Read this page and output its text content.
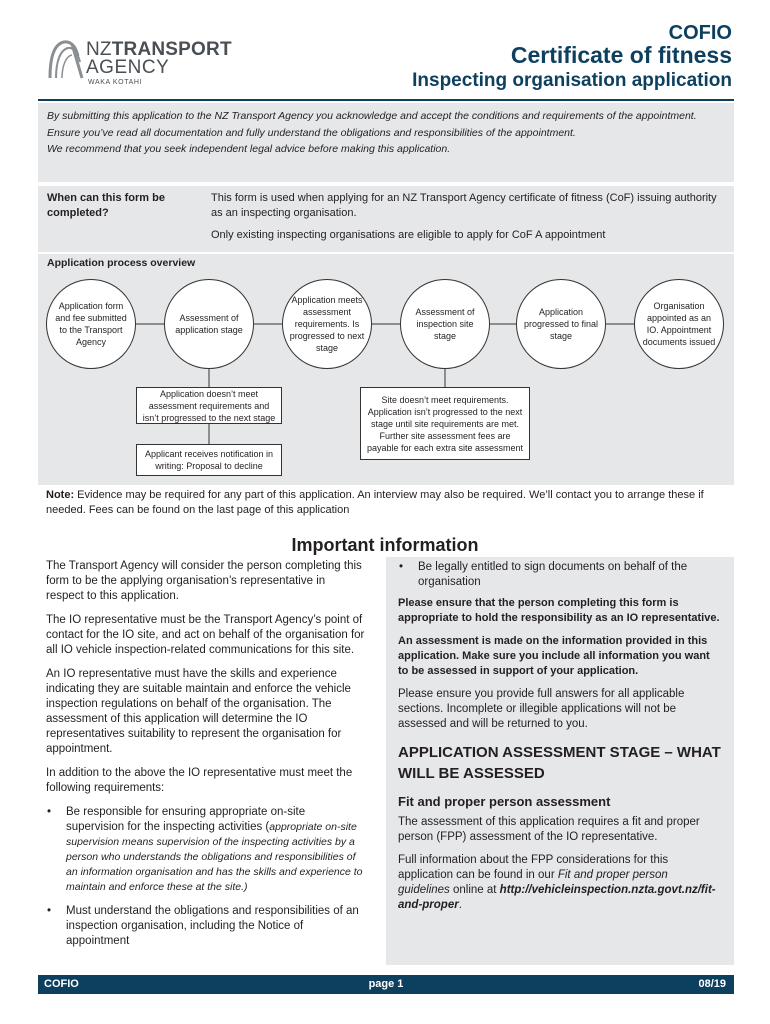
NZTRANSPORT
AGENCY
WAKA KOTAHI
COFIO
Certificate of fitness
Inspecting organisation application
By submitting this application to the NZ Transport Agency you acknowledge and accept the conditions and requirements of the appointment.
Ensure you’ve read all documentation and fully understand the obligations and responsibilities of the appointment.
We recommend that you seek independent legal advice before making this application.
When can this form be completed?
This form is used when applying for an NZ Transport Agency certificate of fitness (CoF) issuing authority as an inspecting organisation.
Only existing inspecting organisations are eligible to apply for CoF A appointment
Application process overview
Application form and fee submitted to the Transport Agency
Assessment of application stage
Application meets assessment requirements. Is progressed to next stage
Assessment of inspection site stage
Application progressed to final stage
Organisation appointed as an IO. Appointment documents issued
Application doesn’t meet assessment requirements and isn’t progressed to the next stage
Applicant receives notification in writing: Proposal to decline
Site doesn’t meet requirements. Application isn’t progressed to the next stage until site requirements are met. Further site assessment fees are payable for each extra site assessment
Note: Evidence may be required for any part of this application. An interview may also be required. We’ll contact you to arrange these if needed. Fees can be found on the last page of this application
Important information

The Transport Agency will consider the person completing this form to be the applying organisation’s representative in respect to this application.

The IO representative must be the Transport Agency’s point of contact for the IO site, and act on behalf of the organisation for all IO vehicle inspection-related communications for this site.

An IO representative must have the skills and experience indicating they are suitable maintain and enforce the vehicle inspection regulations on behalf of the organisation. The assessment of this application will determine the IO representatives suitability to represent the organisation for appointment.

In addition to the above the IO representative must meet the following requirements:

• Be responsible for ensuring appropriate on-site supervision for the inspecting activities (appropriate on-site supervision means supervision of the inspecting activities by a person who understands the obligations and responsibilities of an information organisation and has the skills and experience to maintain and enforce these at the site.)
• Must understand the obligations and responsibilities of an inspection organisation, including the Notice of appointment
• Be legally entitled to sign documents on behalf of the organisation

Please ensure that the person completing this form is appropriate to hold the responsibility as an IO representative.

An assessment is made on the information provided in this application. Make sure you include all information you want to be assessed in support of your application.

Please ensure you provide full answers for all applicable sections. Incomplete or illegible applications will not be assessed and will be returned to you.

APPLICATION ASSESSMENT STAGE – WHAT WILL BE ASSESSED
Fit and proper person assessment

The assessment of this application requires a fit and proper person (FPP) assessment of the IO representative.

Full information about the FPP considerations for this application can be found in our Fit and proper person guidelines online at http://vehicleinspection.nzta.govt.nz/fit-and-proper.

COFIO	page 1	08/19
